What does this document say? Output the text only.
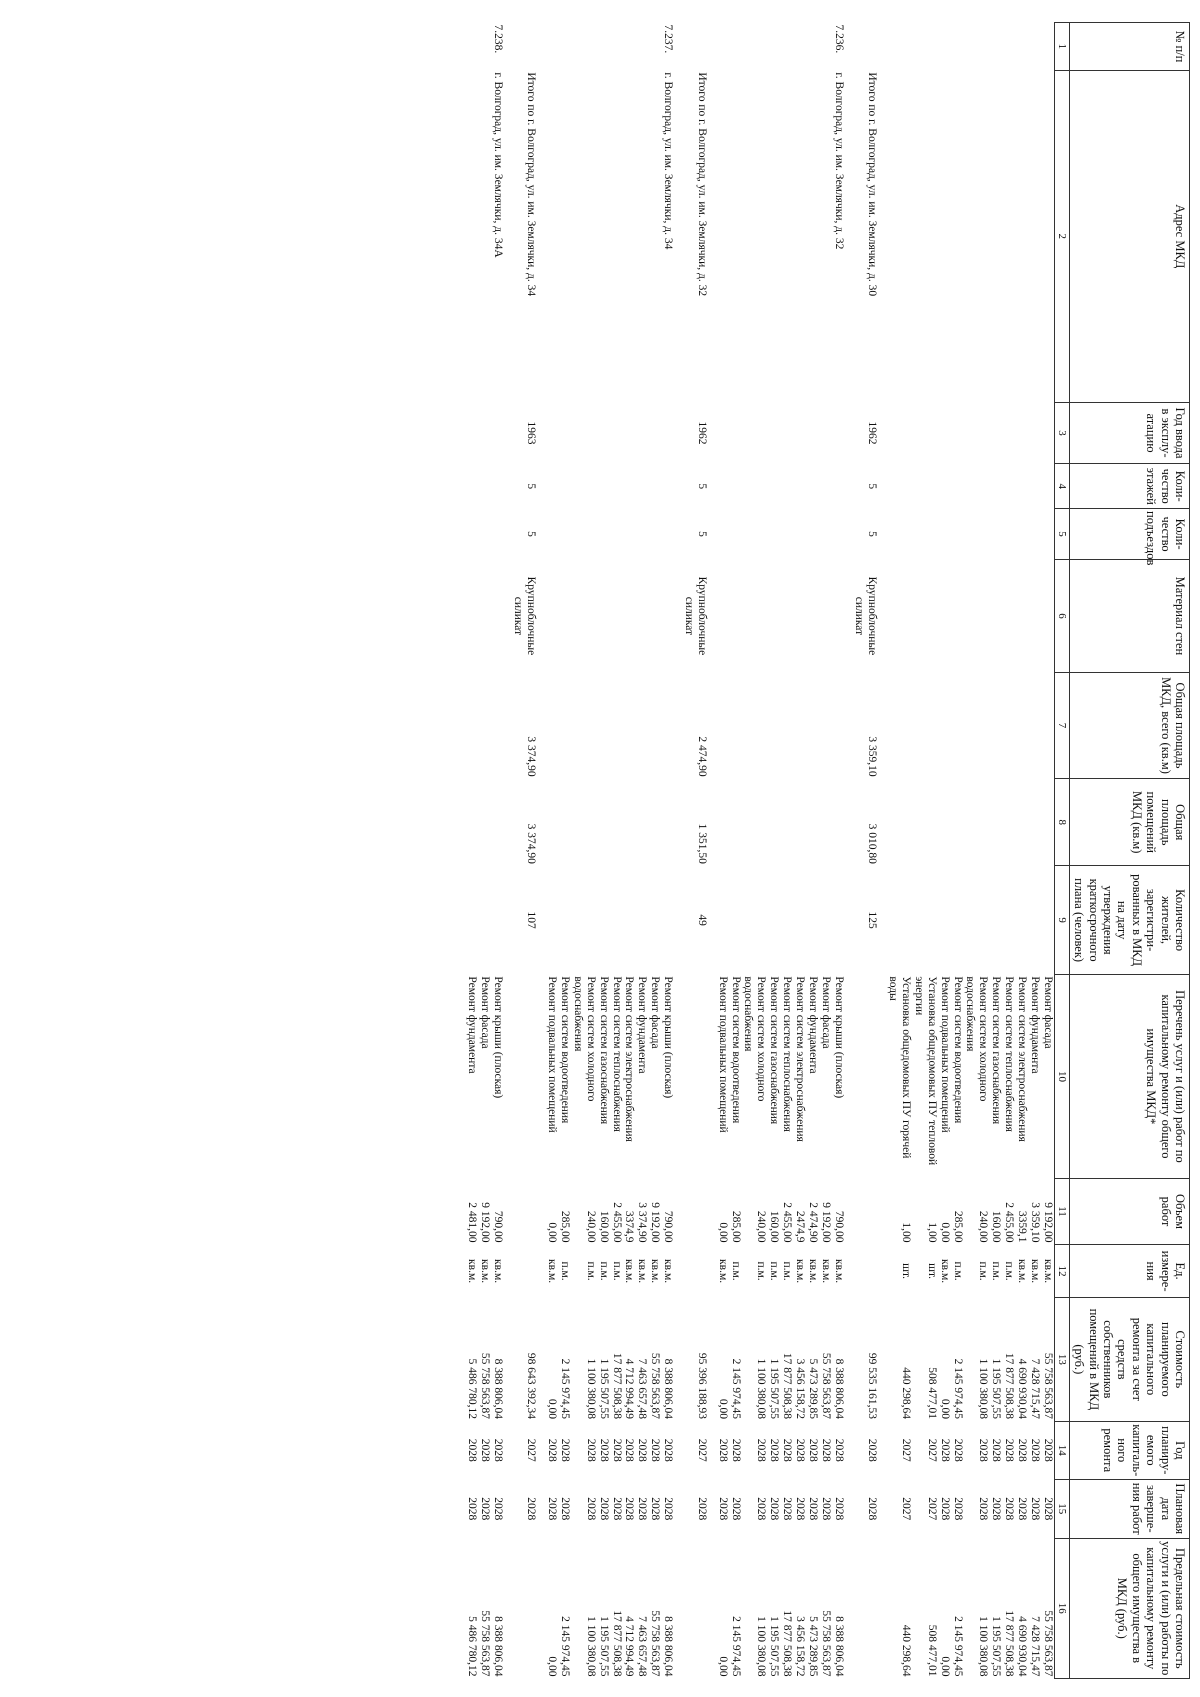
№ п/п	Адрес МКД	Год ввода в эксплу-атацию	Коли-чество этажей	Коли-чество подъездов	Материал стен	Общая площадь МКД, всего (кв.м)	Общая площадь помещений МКД (кв.м)	Количество жителей, зарегистри-рованных в МКД на дату утверждения краткосрочного плана (человек)	Перечень услуг и (или) работ по капитальному ремонту общего имущества МКД*	Объем работ	Ед. измере-ния	Стоимость планируемого капитального ремонта за счет средств собственников помещений в МКД (руб.)	Год планиру-емого капиталь-ного ремонта	Плановая дата заверше-ния работ	Предельная стоимость услуги и (или) работы по капитальному ремонту общего имущества в МКД (руб.)
1	2	3	4	5	6	7	8	9	10	11	12	13	14	15	16
									Ремонт фасада	9 192,00	кв.м.	55 758 563,87	2028	2028	55 758 563,87
									Ремонт фундамента	3 359,10	кв.м.	7 428 715,47	2028	2028	7 428 715,47
									Ремонт систем электроснабжения	3359,1	кв.м.	4 690 930,04	2028	2028	4 690 930,04
									Ремонт систем теплоснабжения	2 455,00	п.м.	17 877 508,38	2028	2028	17 877 508,38
									Ремонт систем газоснабжения	160,00	п.м.	1 195 507,55	2028	2028	1 195 507,55
									Ремонт систем холодного водоснабжения	240,00	п.м.	1 100 380,08	2028	2028	1 100 380,08
									Ремонт систем водоотведения	285,00	п.м.	2 145 974,45	2028	2028	2 145 974,45
									Ремонт подвальных помещений	0,00	кв.м.	0,00	2028	2028	0,00
									Установка общедомовых ПУ тепловой энергии	1,00	шт.	508 477,01	2027	2027	508 477,01
									Установка общедомовых ПУ горячей воды	1,00	шт.	440 298,64	2027	2027	440 298,64

	Итого по г. Волгоград, ул. им. Землячки, д. 30	1962	5	5	Крупноблочные силикат	3 359,10	3 010,80	125				99 535 161,53	2028	2028	

7.236.	г. Волгоград, ул. им. Землячки, д. 32								Ремонт крыши (плоская)	790,00	кв.м.	8 388 806,04	2028	2028	8 388 806,04
									Ремонт фасада	9 192,00	кв.м.	55 758 563,87	2028	2028	55 758 563,87
									Ремонт фундамента	2 474,90	кв.м.	5 473 289,85	2028	2028	5 473 289,85
									Ремонт систем электроснабжения	2474,9	кв.м.	3 456 158,72	2028	2028	3 456 158,72
									Ремонт систем теплоснабжения	2 455,00	п.м.	17 877 508,38	2028	2028	17 877 508,38
									Ремонт систем газоснабжения	160,00	п.м.	1 195 507,55	2028	2028	1 195 507,55
									Ремонт систем холодного водоснабжения	240,00	п.м.	1 100 380,08	2028	2028	1 100 380,08
									Ремонт систем водоотведения	285,00	п.м.	2 145 974,45	2028	2028	2 145 974,45
									Ремонт подвальных помещений	0,00	кв.м.	0,00	2028	2028	0,00

	Итого по г. Волгоград, ул. им. Землячки, д. 32	1962	5	5	Крупноблочные силикат	2 474,90	1 351,50	49				95 396 188,93	2027	2028	

7.237.	г. Волгоград, ул. им. Землячки, д. 34								Ремонт крыши (плоская)	790,00	кв.м.	8 388 806,04	2028	2028	8 388 806,04
									Ремонт фасада	9 192,00	кв.м.	55 758 563,87	2028	2028	55 758 563,87
									Ремонт фундамента	3 374,90	кв.м.	7 463 657,48	2028	2028	7 463 657,48
									Ремонт систем электроснабжения	3374,9	кв.м.	4 712 994,49	2028	2028	4 712 994,49
									Ремонт систем теплоснабжения	2 455,00	п.м.	17 877 508,38	2028	2028	17 877 508,38
									Ремонт систем газоснабжения	160,00	п.м.	1 195 507,55	2028	2028	1 195 507,55
									Ремонт систем холодного водоснабжения	240,00	п.м.	1 100 380,08	2028	2028	1 100 380,08
									Ремонт систем водоотведения	285,00	п.м.	2 145 974,45	2028	2028	2 145 974,45
									Ремонт подвальных помещений	0,00	кв.м.	0,00	2028	2028	0,00

	Итого по г. Волгоград, ул. им. Землячки, д. 34	1963	5	5	Крупноблочные силикат	3 374,90	3 374,90	107				98 643 392,34	2027	2028	

7.238.	г. Волгоград, ул. им. Землячки, д. 34А								Ремонт крыши (плоская)	790,00	кв.м.	8 388 806,04	2028	2028	8 388 806,04
									Ремонт фасада	9 192,00	кв.м.	55 758 563,87	2028	2028	55 758 563,87
									Ремонт фундамента	2 481,00	кв.м.	5 486 780,12	2028	2028	5 486 780,12
